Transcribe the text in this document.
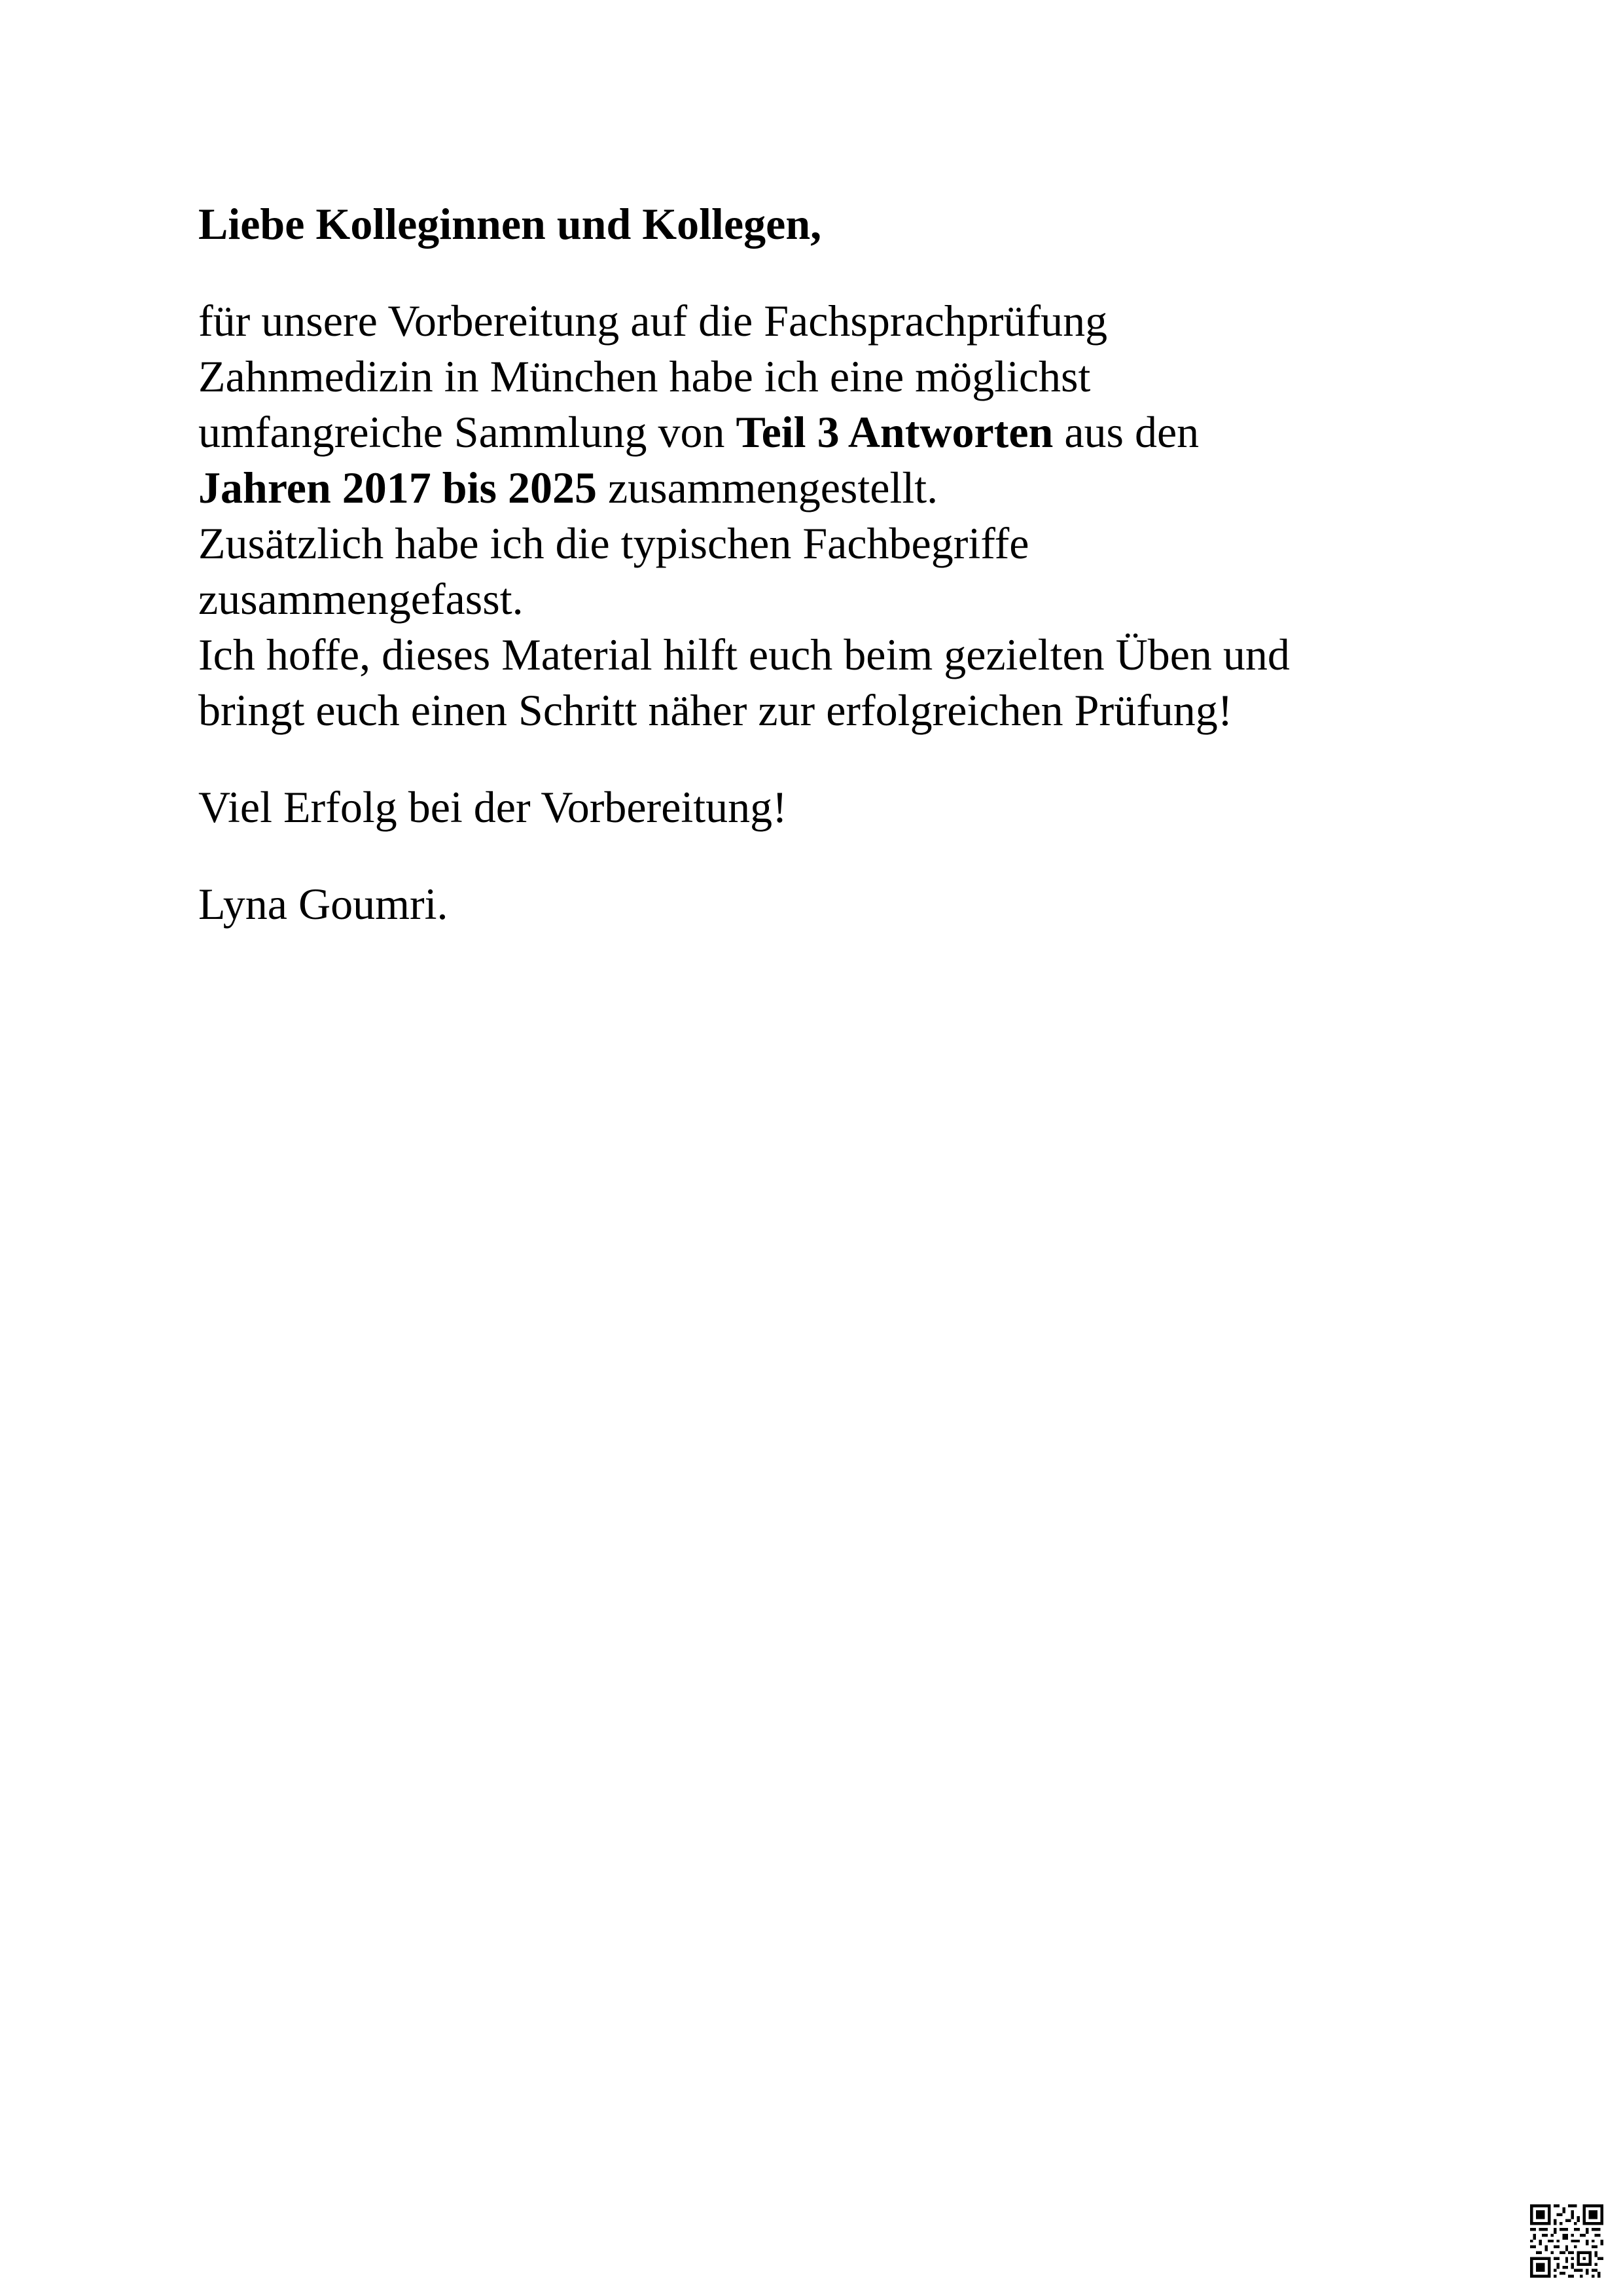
Liebe Kolleginnen und Kollegen,

für unsere Vorbereitung auf die Fachsprachprüfung
Zahnmedizin in München habe ich eine möglichst
umfangreiche Sammlung von Teil 3 Antworten aus den
Jahren 2017 bis 2025 zusammengestellt.
Zusätzlich habe ich die typischen Fachbegriffe
zusammengefasst.
Ich hoffe, dieses Material hilft euch beim gezielten Üben und
bringt euch einen Schritt näher zur erfolgreichen Prüfung!

Viel Erfolg bei der Vorbereitung!

Lyna Goumri.
